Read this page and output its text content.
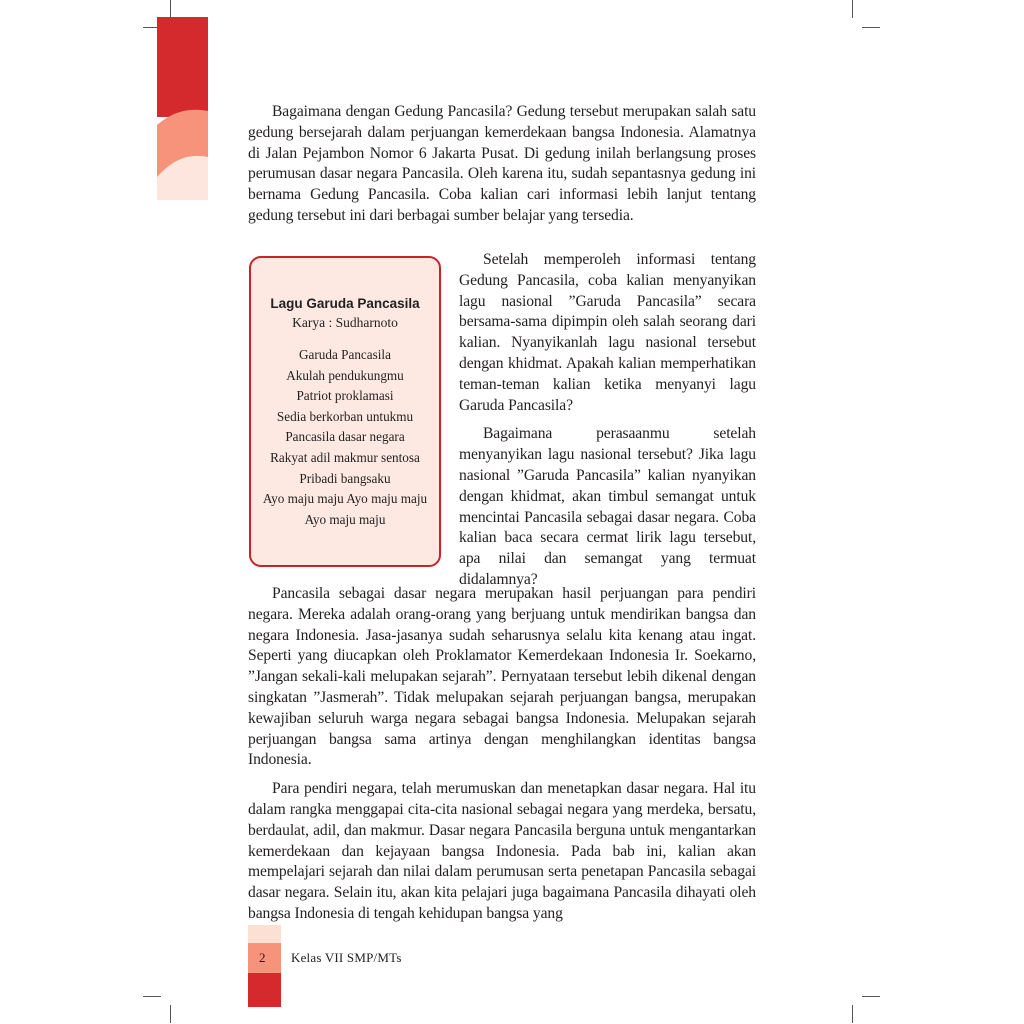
Bagaimana dengan Gedung Pancasila? Gedung tersebut merupakan salah satu gedung bersejarah dalam perjuangan kemerdekaan bangsa Indonesia. Alamatnya di Jalan Pejambon Nomor 6 Jakarta Pusat. Di gedung inilah berlangsung proses perumusan dasar negara Pancasila. Oleh karena itu, sudah sepantasnya gedung ini bernama Gedung Pancasila. Coba kalian cari informasi lebih lanjut tentang gedung tersebut ini dari berbagai sumber belajar yang tersedia.

Lagu Garuda Pancasila
Karya : Sudharnoto
Garuda Pancasila
Akulah pendukungmu
Patriot proklamasi
Sedia berkorban untukmu
Pancasila dasar negara
Rakyat adil makmur sentosa
Pribadi bangsaku
Ayo maju maju Ayo maju maju
Ayo maju maju

Setelah memperoleh informasi tentang Gedung Pancasila, coba kalian menyanyikan lagu nasional ”Garuda Pancasila” secara bersama-sama dipimpin oleh salah seorang dari kalian. Nyanyikanlah lagu nasional tersebut dengan khidmat. Apakah kalian memperhatikan teman-teman kalian ketika menyanyi lagu Garuda Pancasila?

Bagaimana perasaanmu setelah menyanyikan lagu nasional tersebut? Jika lagu nasional ”Garuda Pancasila” kalian nyanyikan dengan khidmat, akan timbul semangat untuk mencintai Pancasila sebagai dasar negara. Coba kalian baca secara cermat lirik lagu tersebut, apa nilai dan semangat yang termuat didalamnya?

Pancasila sebagai dasar negara merupakan hasil perjuangan para pendiri negara. Mereka adalah orang-orang yang berjuang untuk mendirikan bangsa dan negara Indonesia. Jasa-jasanya sudah seharusnya selalu kita kenang atau ingat. Seperti yang diucapkan oleh Proklamator Kemerdekaan Indonesia Ir. Soekarno, ”Jangan sekali-kali melupakan sejarah”. Pernyataan tersebut lebih dikenal dengan singkatan ”Jasmerah”. Tidak melupakan sejarah perjuangan bangsa, merupakan kewajiban seluruh warga negara sebagai bangsa Indonesia. Melupakan sejarah perjuangan bangsa sama artinya dengan menghilangkan identitas bangsa Indonesia.

Para pendiri negara, telah merumuskan dan menetapkan dasar negara. Hal itu dalam rangka menggapai cita-cita nasional sebagai negara yang merdeka, bersatu, berdaulat, adil, dan makmur. Dasar negara Pancasila berguna untuk mengantarkan kemerdekaan dan kejayaan bangsa Indonesia. Pada bab ini, kalian akan mempelajari sejarah dan nilai dalam perumusan serta penetapan Pancasila sebagai dasar negara. Selain itu, akan kita pelajari juga bagaimana Pancasila dihayati oleh bangsa Indonesia di tengah kehidupan bangsa yang

2 Kelas VII SMP/MTs
